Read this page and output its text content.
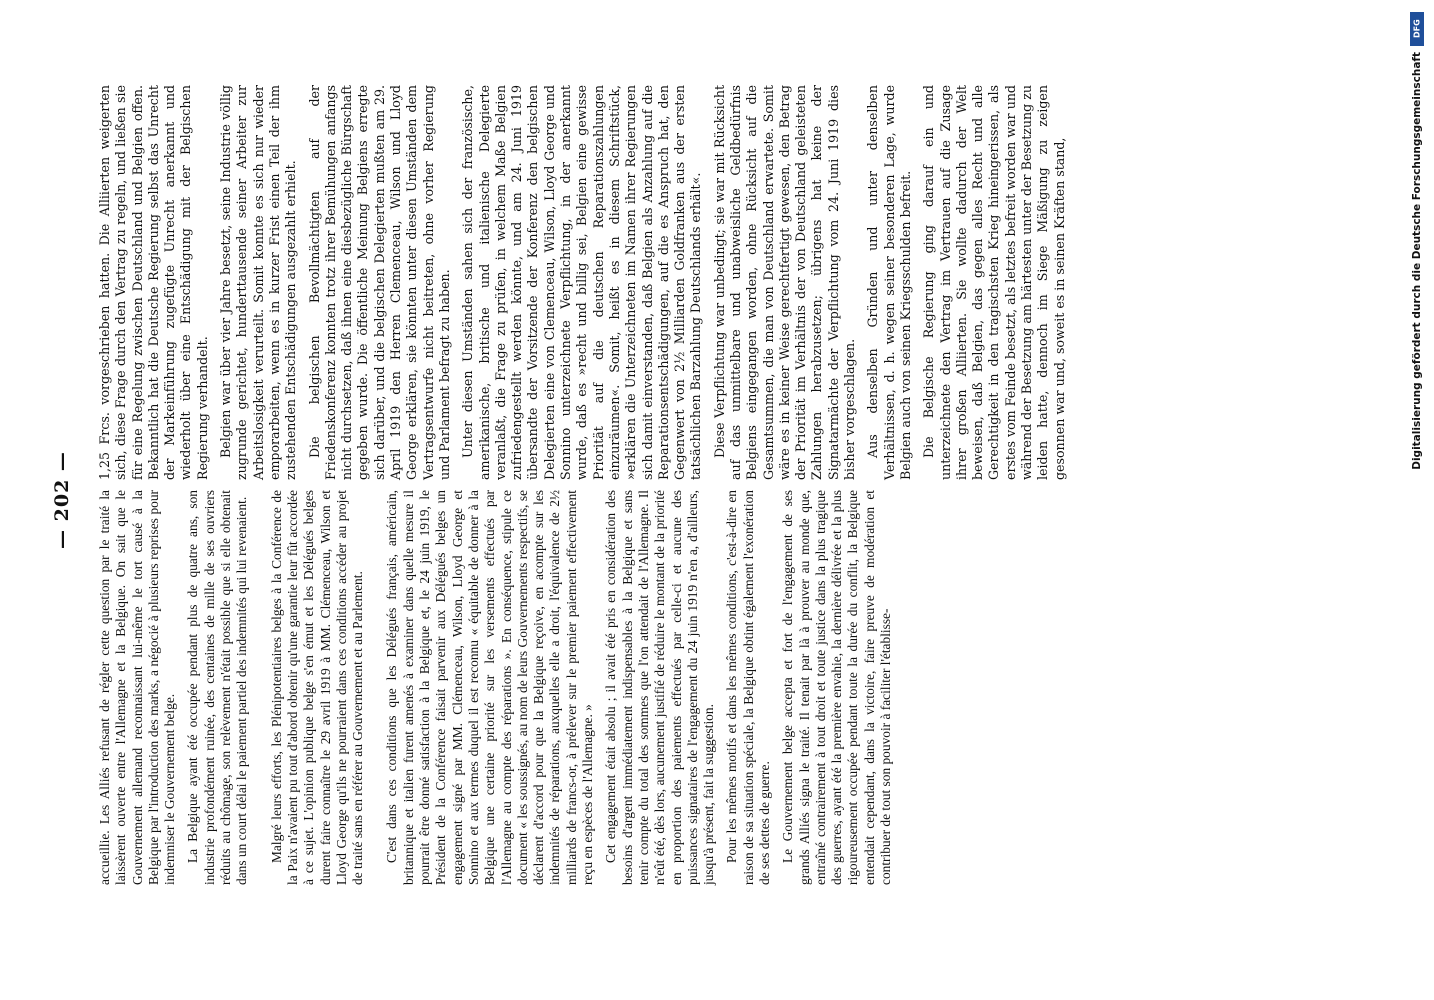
— 202 — accueillie. Les Alliés refusant de régler cette question par le traité la laissèrent ouverte entre l'Allemagne et la Belgique. On sait que le Gouvernement allemand reconnaissant lui-même le tort causé à la Belgique par l'introduction des marks, a négocié à plusieurs reprises pour indemniser le Gouvernement belge. La Belgique ayant été occupée pendant plus de quatre ans, son industrie profondément ruinée, des centaines de mille de ses ouvriers réduits au chômage, son relèvement n'était possible que si elle obtenait dans un court délai le paiement partiel des indemnités qui lui revenaient. Malgré leurs efforts, les Plénipotentiaires belges à la Conférence de la Paix n'avaient pu tout d'abord obtenir qu'une garantie leur fût accordée à ce sujet. L'opinion publique belge s'en émut et les Délégués belges durent faire connaître le 29 avril 1919 à MM. Clémenceau, Wilson et Lloyd George qu'ils ne pourraient dans ces conditions accéder au projet de traité sans en référer au Gouvernement et au Parlement. C'est dans ces conditions que les Délégués français, américain, britannique et italien furent amenés à examiner dans quelle mesure il pourrait être donné satisfaction à la Belgique et, le 24 juin 1919, le Président de la Conférence faisait parvenir aux Délégués belges un engagement signé par MM. Clémenceau, Wilson, Lloyd George et Sonnino et aux termes duquel il est reconnu « équitable de donner à la Belgique une certaine priorité sur les versements effectués par l'Allemagne au compte des réparations ». En conséquence, stipule ce document « les soussignés, au nom de leurs Gouvernements respectifs, se déclarent d'accord pour que la Belgique reçoive, en acompte sur les indemnités de réparations, auxquelles elle a droit, l'équivalence de 2½ milliards de francs-or, à prélever sur le premier paiement effectivement reçu en espèces de l'Allemagne. » Cet engagement était absolu ; il avait été pris en considération des besoins d'argent immédiatement indispensables à la Belgique et sans tenir compte du total des sommes que l'on attendait de l'Allemagne. Il n'eût été, dès lors, aucunement justifié de réduire le montant de la priorité en proportion des paiements effectués par celle-ci et aucune des puissances signataires de l'engagement du 24 juin 1919 n'en a, d'ailleurs, jusqu'à présent, fait la suggestion. Pour les mêmes motifs et dans les mêmes conditions, c'est-à-dire en raison de sa situation spéciale, la Belgique obtint également l'exonération de ses dettes de guerre. Le Gouvernement belge accepta et fort de l'engagement de ses grands Alliés signa le traité. Il tenait par là à prouver au monde que, entraîné contrairement à tout droit et toute justice dans la plus tragique des guerres, ayant été la première envahie, la dernière délivrée et la plus rigoureusement occupée pendant toute la durée du conflit, la Belgique entendait cependant, dans la victoire, faire preuve de modération et contribuer de tout son pouvoir à faciliter l'établisse-

1,25 Frcs. vorgeschrieben hatten. Die Alliierten weigerten sich, diese Frage durch den Vertrag zu regeln, und ließen sie für eine Regelung zwischen Deutschland und Belgien offen. Bekanntlich hat die Deutsche Regierung selbst das Unrecht der Markeinführung zugefügte Unrecht anerkannt und wiederholt über eine Entschädigung mit der Belgischen Regierung verhandelt. Belgien war über vier Jahre besetzt, seine Industrie völlig zugrunde gerichtet, hunderttausende seiner Arbeiter zur Arbeitslosigkeit verurteilt. Somit konnte es sich nur wieder emporarbeiten, wenn es in kurzer Frist einen Teil der ihm zustehenden Entschädigungen ausgezahlt erhielt. Die belgischen Bevollmächtigten auf der Friedenskonferenz konnten trotz ihrer Bemühungen anfangs nicht durchsetzen, daß ihnen eine diesbezügliche Bürgschaft gegeben wurde. Die öffentliche Meinung Belgiens erregte sich darüber, und die belgischen Delegierten mußten am 29. April 1919 den Herren Clemenceau, Wilson und Lloyd George erklären, sie könnten unter diesen Umständen dem Vertragsentwurfe nicht beitreten, ohne vorher Regierung und Parlament befragt zu haben. Unter diesen Umständen sahen sich der französische, amerikanische, britische und italienische Delegierte veranlaßt, die Frage zu prüfen, in welchem Maße Belgien zufriedengestellt werden könnte, und am 24. Juni 1919 übersandte der Vorsitzende der Konferenz den belgischen Delegierten eine von Clemenceau, Wilson, Lloyd George und Sonnino unterzeichnete Verpflichtung, in der anerkannt wurde, daß es »recht und billig sei, Belgien eine gewisse Priorität auf die deutschen Reparationszahlungen einzuräumen«. Somit, heißt es in diesem Schriftstück, »erklären die Unterzeichneten im Namen ihrer Regierungen sich damit einverstanden, daß Belgien als Anzahlung auf die Reparationsentschädigungen, auf die es Anspruch hat, den Gegenwert von 2½ Milliarden Goldfranken aus der ersten tatsächlichen Barzahlung Deutschlands erhält«. Diese Verpflichtung war unbedingt; sie war mit Rücksicht auf das unmittelbare und unabweisliche Geldbedürfnis Belgiens eingegangen worden, ohne Rücksicht auf die Gesamtsummen, die man von Deutschland erwartete. Somit wäre es in keiner Weise gerechtfertigt gewesen, den Betrag der Priorität im Verhältnis der von Deutschland geleisteten Zahlungen herabzusetzen; übrigens hat keine der Signatarmächte der Verpflichtung vom 24. Juni 1919 dies bisher vorgeschlagen. Aus denselben Gründen und unter denselben Verhältnissen, d. h. wegen seiner besonderen Lage, wurde Belgien auch von seinen Kriegsschulden befreit. Die Belgische Regierung ging darauf ein und unterzeichnete den Vertrag im Vertrauen auf die Zusage ihrer großen Alliierten. Sie wollte dadurch der Welt beweisen, daß Belgien, das gegen alles Recht und alle Gerechtigkeit in den tragischsten Krieg hineingerissen, als erstes vom Feinde besetzt, als letztes befreit worden war und während der Besetzung am härtesten unter der Besetzung zu leiden hatte, dennoch im Siege Mäßigung zu zeigen gesonnen war und, soweit es in seinen Kräften stand,

DFG
Digitalisierung gefördert durch die Deutsche Forschungsgemeinschaft
